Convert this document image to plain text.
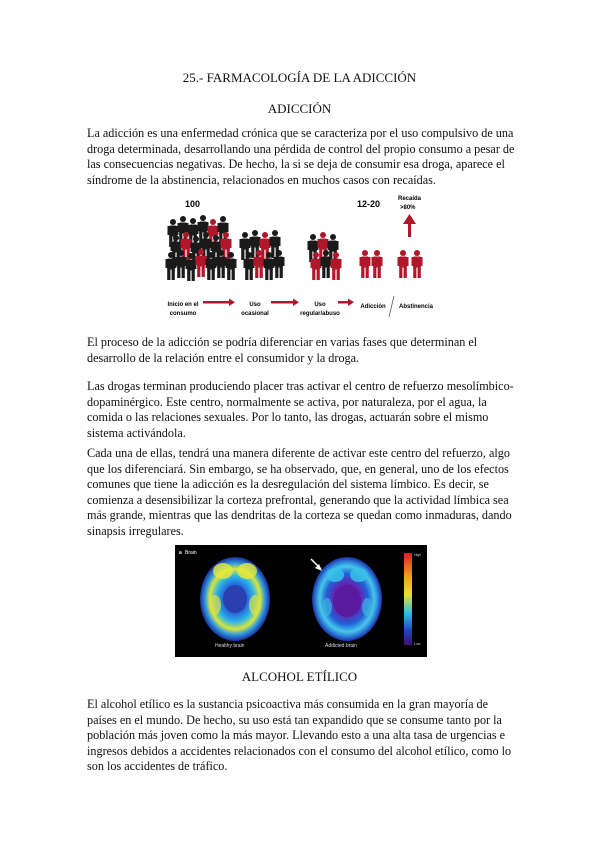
25.- FARMACOLOGÍA DE LA ADICCIÓN
ADICCIÓN

La adicción es una enfermedad crónica que se caracteriza por el uso compulsivo de una droga determinada, desarrollando una pérdida de control del propio consumo a pesar de las consecuencias negativas. De hecho, la si se deja de consumir esa droga, aparece el síndrome de la abstinencia, relacionados en muchos casos con recaídas.

100	12-20	Recaída
>80%
Inicio en el
consumo
Uso
ocasional
Uso
regular/abuso
Adicción Abstinencia

El proceso de la adicción se podría diferenciar en varias fases que determinan el desarrollo de la relación entre el consumidor y la droga.

Las drogas terminan produciendo placer tras activar el centro de refuerzo mesolímbico-dopaminérgico. Este centro, normalmente se activa, por naturaleza, por el agua, la comida o las relaciones sexuales. Por lo tanto, las drogas, actuarán sobre el mismo sistema activándola.

Cada una de ellas, tendrá una manera diferente de activar este centro del refuerzo, algo que los diferenciará. Sin embargo, se ha observado, que, en general, uno de los efectos comunes que tiene la adicción es la desregulación del sistema límbico. Es decir, se comienza a desensibilizar la corteza prefrontal, generando que la actividad límbica sea más grande, mientras que las dendritas de la corteza se quedan como inmaduras, dando sinapsis irregulares.

a Brain
Healthy brain	Addicted brain
High
Low
ALCOHOL ETÍLICO

El alcohol etílico es la sustancia psicoactiva más consumida en la gran mayoría de países en el mundo. De hecho, su uso está tan expandido que se consume tanto por la población más joven como la más mayor. Llevando esto a una alta tasa de urgencias e ingresos debidos a accidentes relacionados con el consumo del alcohol etílico, como lo son los accidentes de tráfico.
